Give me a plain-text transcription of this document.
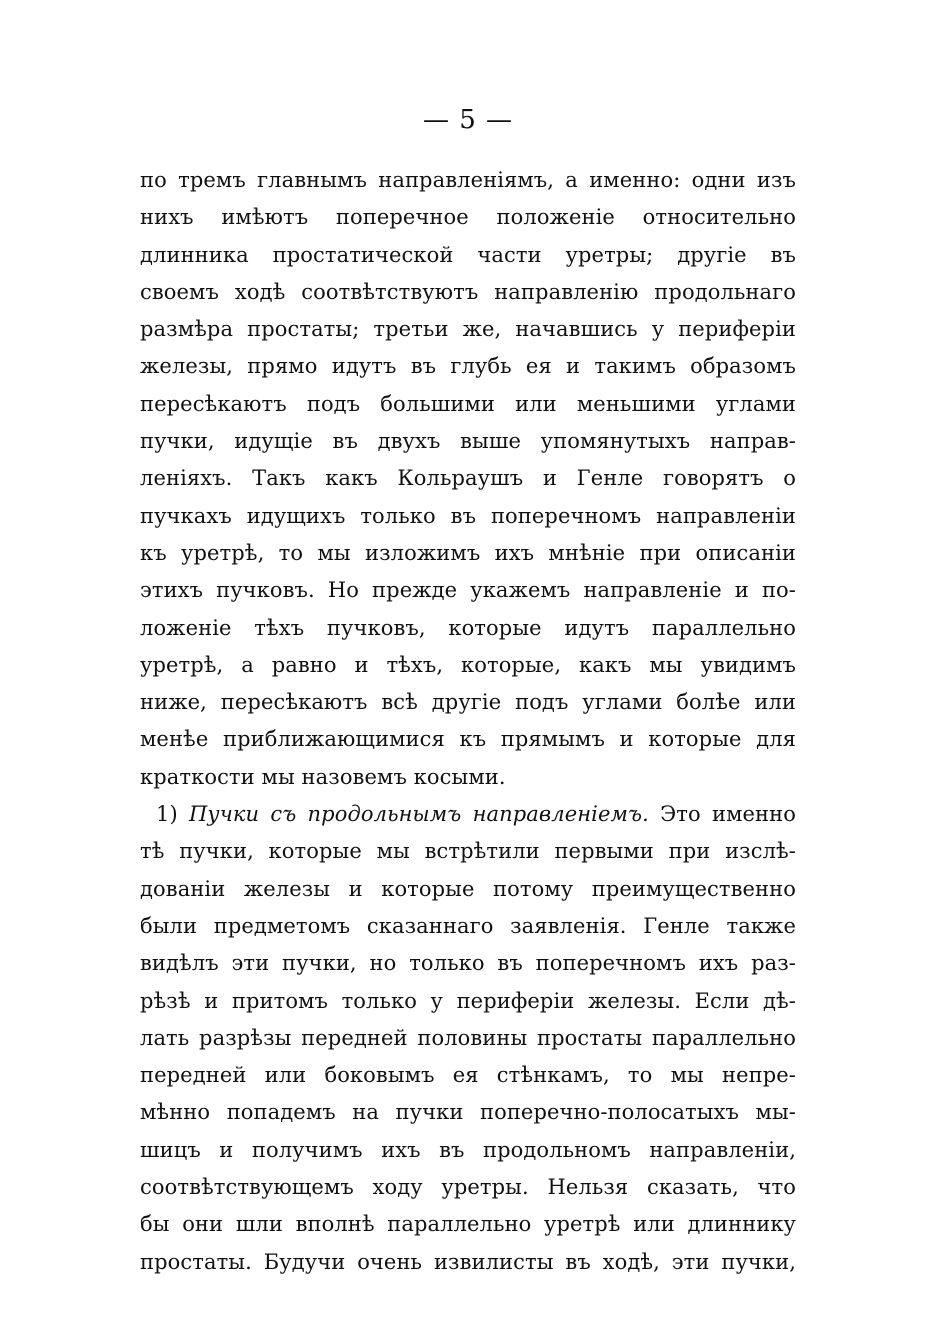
— 5 —
по тремъ главнымъ направленіямъ, а именно: одни изъ
нихъ имѣютъ поперечное положеніе относительно
длинника простатической части уретры; другіе въ
своемъ ходѣ соотвѣтствуютъ направленію продольнаго
размѣра простаты; третьи же, начавшись у периферіи
железы, прямо идутъ въ глубь ея и такимъ образомъ
пересѣкаютъ подъ большими или меньшими углами
пучки, идущіе въ двухъ выше упомянутыхъ направ-
леніяхъ. Такъ какъ Кольраушъ и Генле говорятъ о
пучкахъ идущихъ только въ поперечномъ направленіи
къ уретрѣ, то мы изложимъ ихъ мнѣніе при описаніи
этихъ пучковъ. Но прежде укажемъ направленіе и по-
ложеніе тѣхъ пучковъ, которые идутъ параллельно
уретрѣ, а равно и тѣхъ, которые, какъ мы увидимъ
ниже, пересѣкаютъ всѣ другіе подъ углами болѣе или
менѣе приближающимися къ прямымъ и которые для
краткости мы назовемъ косыми.
1) Пучки съ продольнымъ направленіемъ. Это именно
тѣ пучки, которые мы встрѣтили первыми при изслѣ-
дованіи железы и которые потому преимущественно
были предметомъ сказаннаго заявленія. Генле также
видѣлъ эти пучки, но только въ поперечномъ ихъ раз-
рѣзѣ и притомъ только у периферіи железы. Если дѣ-
лать разрѣзы передней половины простаты параллельно
передней или боковымъ ея стѣнкамъ, то мы непре-
мѣнно попадемъ на пучки поперечно-полосатыхъ мы-
шицъ и получимъ ихъ въ продольномъ направленіи,
соотвѣтствующемъ ходу уретры. Нельзя сказать, что
бы они шли вполнѣ параллельно уретрѣ или длиннику
простаты. Будучи очень извилисты въ ходѣ, эти пучки,
